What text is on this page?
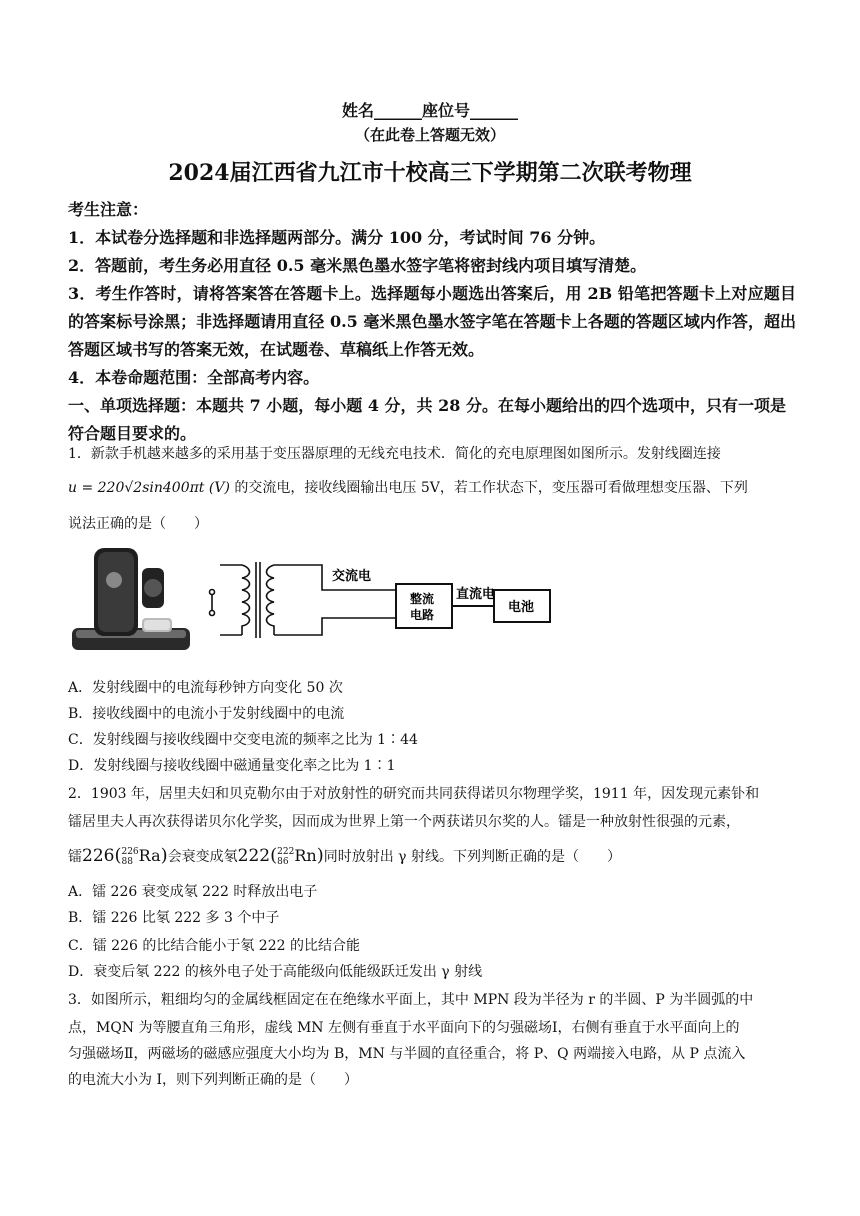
姓名______座位号______
（在此卷上答题无效）
2024届江西省九江市十校高三下学期第二次联考物理
考生注意：
1．本试卷分选择题和非选择题两部分。满分 100 分，考试时间 76 分钟。
2．答题前，考生务必用直径 0.5 毫米黑色墨水签字笔将密封线内项目填写清楚。
3．考生作答时，请将答案答在答题卡上。选择题每小题选出答案后，用 2B 铅笔把答题卡上对应题目的答案标号涂黑；非选择题请用直径 0.5 毫米黑色墨水签字笔在答题卡上各题的答题区域内作答，超出答题区域书写的答案无效，在试题卷、草稿纸上作答无效。
4．本卷命题范围：全部高考内容。
一、单项选择题：本题共 7 小题，每小题 4 分，共 28 分。在每小题给出的四个选项中，只有一项是符合题目要求的。
1．新款手机越来越多的采用基于变压器原理的无线充电技术．简化的充电原理图如图所示。发射线圈连接
u = 220√2sin400πt (V) 的交流电，接收线圈输出电压 5V，若工作状态下，变压器可看做理想变压器、下列
说法正确的是（　　）
交流电
整流
电路
直流电
电池
A．发射线圈中的电流每秒钟方向变化 50 次
B．接收线圈中的电流小于发射线圈中的电流
C．发射线圈与接收线圈中交变电流的频率之比为 1∶44
D．发射线圈与接收线圈中磁通量变化率之比为 1∶1
2．1903 年，居里夫妇和贝克勒尔由于对放射性的研究而共同获得诺贝尔物理学奖，1911 年，因发现元素钋和
镭居里夫人再次获得诺贝尔化学奖，因而成为世界上第一个两获诺贝尔奖的人。镭是一种放射性很强的元素，
镭226( 226
88 Ra)会衰变成氡222( 222
86 Rn)同时放射出 γ 射线。下列判断正确的是（　　）
A．镭 226 衰变成氡 222 时释放出电子
B．镭 226 比氡 222 多 3 个中子
C．镭 226 的比结合能小于氡 222 的比结合能
D．衰变后氡 222 的核外电子处于高能级向低能级跃迁发出 γ 射线
3．如图所示，粗细均匀的金属线框固定在在绝缘水平面上，其中 MPN 段为半径为 r 的半圆、P 为半圆弧的中
点，MQN 为等腰直角三角形，虚线 MN 左侧有垂直于水平面向下的匀强磁场Ⅰ，右侧有垂直于水平面向上的
匀强磁场Ⅱ，两磁场的磁感应强度大小均为 B，MN 与半圆的直径重合，将 P、Q 两端接入电路，从 P 点流入
的电流大小为 I，则下列判断正确的是（　　）
